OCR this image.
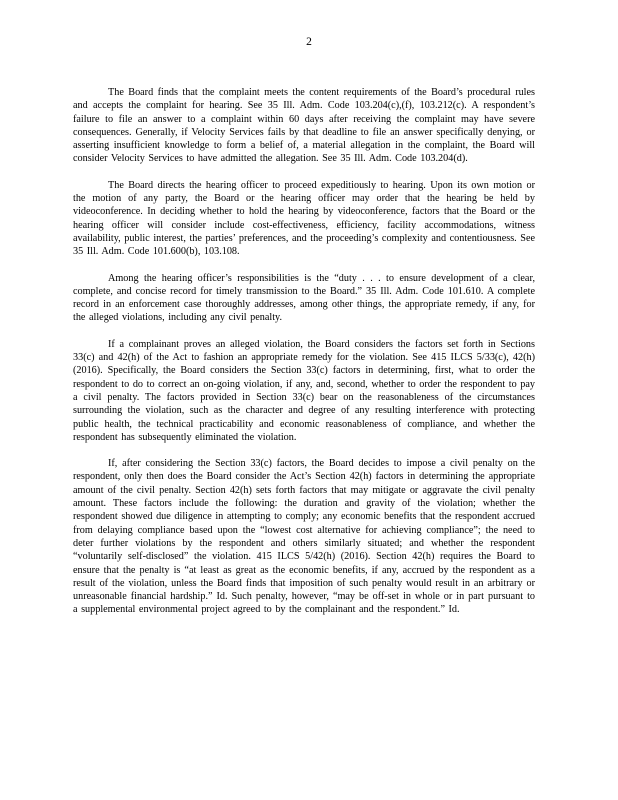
2

The Board finds that the complaint meets the content requirements of the Board’s procedural rules and accepts the complaint for hearing. See 35 Ill. Adm. Code 103.204(c),(f), 103.212(c). A respondent’s failure to file an answer to a complaint within 60 days after receiving the complaint may have severe consequences. Generally, if Velocity Services fails by that deadline to file an answer specifically denying, or asserting insufficient knowledge to form a belief of, a material allegation in the complaint, the Board will consider Velocity Services to have admitted the allegation. See 35 Ill. Adm. Code 103.204(d).

The Board directs the hearing officer to proceed expeditiously to hearing. Upon its own motion or the motion of any party, the Board or the hearing officer may order that the hearing be held by videoconference. In deciding whether to hold the hearing by videoconference, factors that the Board or the hearing officer will consider include cost-effectiveness, efficiency, facility accommodations, witness availability, public interest, the parties’ preferences, and the proceeding’s complexity and contentiousness. See 35 Ill. Adm. Code 101.600(b), 103.108.

Among the hearing officer’s responsibilities is the “duty . . . to ensure development of a clear, complete, and concise record for timely transmission to the Board.” 35 Ill. Adm. Code 101.610. A complete record in an enforcement case thoroughly addresses, among other things, the appropriate remedy, if any, for the alleged violations, including any civil penalty.

If a complainant proves an alleged violation, the Board considers the factors set forth in Sections 33(c) and 42(h) of the Act to fashion an appropriate remedy for the violation. See 415 ILCS 5/33(c), 42(h) (2016). Specifically, the Board considers the Section 33(c) factors in determining, first, what to order the respondent to do to correct an on-going violation, if any, and, second, whether to order the respondent to pay a civil penalty. The factors provided in Section 33(c) bear on the reasonableness of the circumstances surrounding the violation, such as the character and degree of any resulting interference with protecting public health, the technical practicability and economic reasonableness of compliance, and whether the respondent has subsequently eliminated the violation.

If, after considering the Section 33(c) factors, the Board decides to impose a civil penalty on the respondent, only then does the Board consider the Act’s Section 42(h) factors in determining the appropriate amount of the civil penalty. Section 42(h) sets forth factors that may mitigate or aggravate the civil penalty amount. These factors include the following: the duration and gravity of the violation; whether the respondent showed due diligence in attempting to comply; any economic benefits that the respondent accrued from delaying compliance based upon the “lowest cost alternative for achieving compliance”; the need to deter further violations by the respondent and others similarly situated; and whether the respondent “voluntarily self-disclosed” the violation. 415 ILCS 5/42(h) (2016). Section 42(h) requires the Board to ensure that the penalty is “at least as great as the economic benefits, if any, accrued by the respondent as a result of the violation, unless the Board finds that imposition of such penalty would result in an arbitrary or unreasonable financial hardship.” Id. Such penalty, however, “may be off-set in whole or in part pursuant to a supplemental environmental project agreed to by the complainant and the respondent.” Id.
